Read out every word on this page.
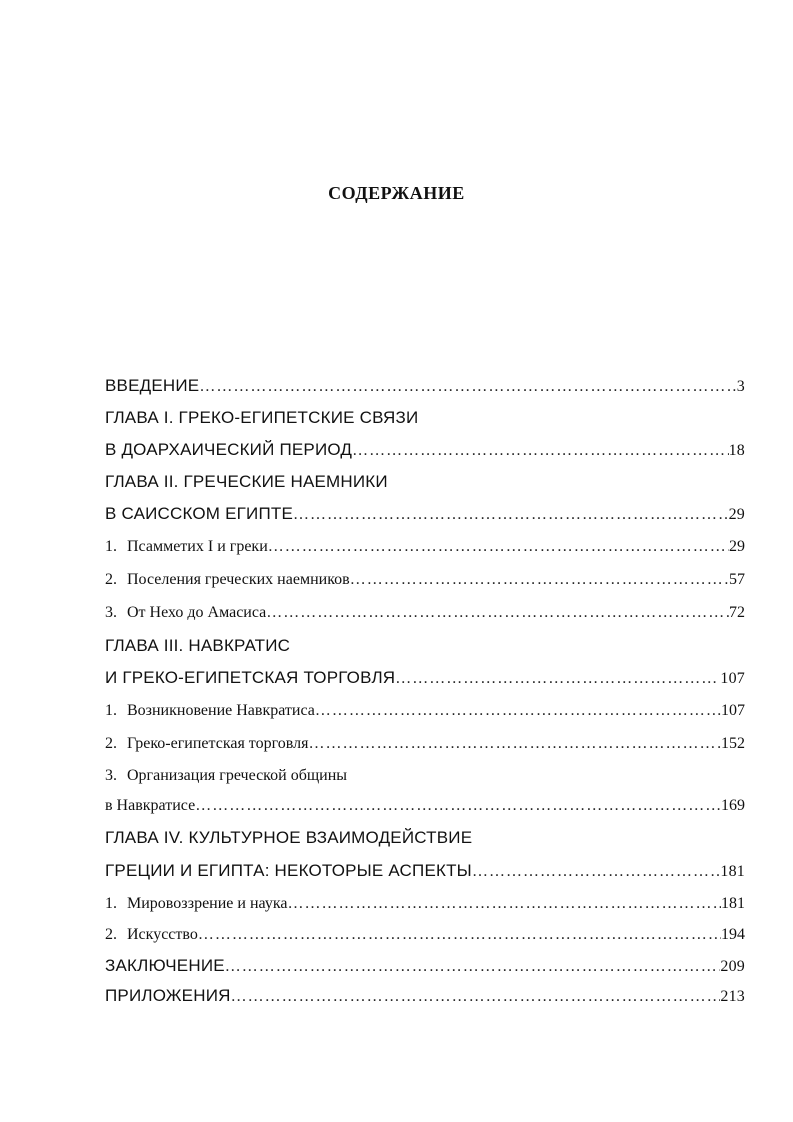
СОДЕРЖАНИЕ
ВВЕДЕНИЕ …………………………………………………………………………………………………………………………………………………………………………………………………………	3
ГЛАВА I. ГРЕКО-ЕГИПЕТСКИЕ СВЯЗИ
В ДОАРХАИЧЕСКИЙ ПЕРИОД …………………………………………………………………………………………………………………………………………………………………………………………………………	18
ГЛАВА II. ГРЕЧЕСКИЕ НАЕМНИКИ
В САИССКОМ ЕГИПТЕ …………………………………………………………………………………………………………………………………………………………………………………………………………	29
1. Псамметих I и греки …………………………………………………………………………………………………………………………………………………………………………………………………………	29
2. Поселения греческих наемников …………………………………………………………………………………………………………………………………………………………………………………………………………	57
3. От Нехо до Амасиса …………………………………………………………………………………………………………………………………………………………………………………………………………	72
ГЛАВА III. НАВКРАТИС
И ГРЕКО-ЕГИПЕТСКАЯ ТОРГОВЛЯ …………………………………………………………………………………………………………………………………………………………………………………………………………	107
1. Возникновение Навкратиса …………………………………………………………………………………………………………………………………………………………………………………………………………	107
2. Греко-египетская торговля …………………………………………………………………………………………………………………………………………………………………………………………………………	152
3. Организация греческой общины
в Навкратисе …………………………………………………………………………………………………………………………………………………………………………………………………………	169
ГЛАВА IV. КУЛЬТУРНОЕ ВЗАИМОДЕЙСТВИЕ
ГРЕЦИИ И ЕГИПТА: НЕКОТОРЫЕ АСПЕКТЫ …………………………………………………………………………………………………………………………………………………………………………………………………………	181
1. Мировоззрение и наука …………………………………………………………………………………………………………………………………………………………………………………………………………	181
2. Искусство …………………………………………………………………………………………………………………………………………………………………………………………………………	194
ЗАКЛЮЧЕНИЕ …………………………………………………………………………………………………………………………………………………………………………………………………………	209
ПРИЛОЖЕНИЯ …………………………………………………………………………………………………………………………………………………………………………………………………………	213
